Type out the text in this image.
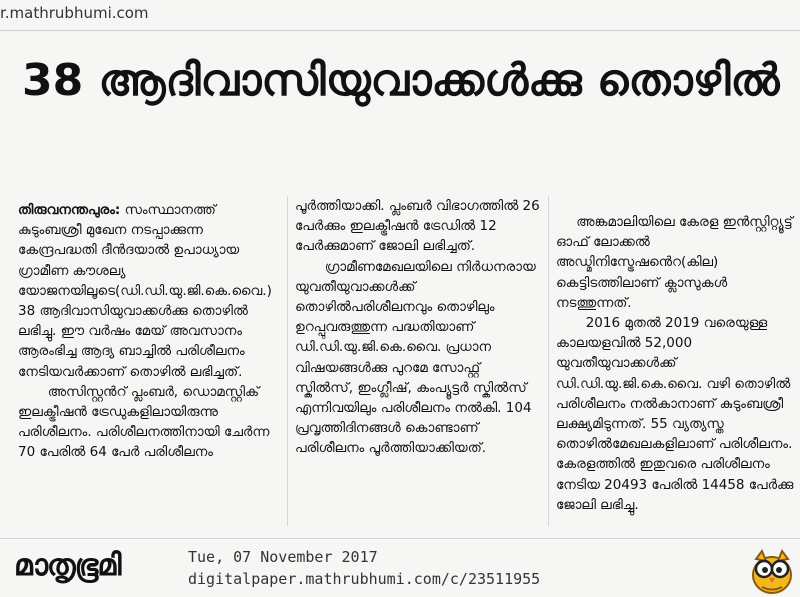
r.mathrubhumi.com
38 ആദിവാസിയുവാക്കൾക്കു തൊഴിൽ

തിരുവനന്തപുരം: സംസ്ഥാനത്ത് കുടുംബശ്രീ മുഖേന നടപ്പാക്കുന്ന കേന്ദ്രപദ്ധതി ദീൻദയാൽ ഉപാധ്യായ ഗ്രാമീണ കൗശല്യ യോജനയിലൂടെ(ഡി.ഡി.യു.ജി.കെ.വൈ.) 38 ആദിവാസിയുവാക്കൾക്കു തൊഴിൽ ലഭിച്ചു. ഈ വർഷം മേയ് അവസാനം ആരംഭിച്ച ആദ്യ ബാച്ചിൽ പരിശീലനം നേടിയവർക്കാണ് തൊഴിൽ ലഭിച്ചത്.

അസിസ്റ്റൻറ് പ്ലംബർ, ഡൊമസ്റ്റിക് ഇലക്ട്രീഷൻ ട്രേഡുകളിലായിരുന്നു പരിശീലനം. പരിശീലനത്തിനായി ചേർന്ന 70 പേരിൽ 64 പേർ പരിശീലനം

പൂർത്തിയാക്കി. പ്ലംബർ വിഭാഗത്തിൽ 26 പേർക്കും ഇലക്ട്രീഷൻ ട്രേഡിൽ 12 പേർക്കുമാണ് ജോലി ലഭിച്ചത്.

ഗ്രാമീണമേഖലയിലെ നിർധനരായ യുവതീയുവാക്കൾക്ക് തൊഴിൽപരിശീലനവും തൊഴിലും ഉറപ്പുവരുത്തുന്ന പദ്ധതിയാണ് ഡി.ഡി.യു.ജി.കെ.വൈ. പ്രധാന വിഷയങ്ങൾക്കു പുറമേ സോഫ്റ്റ് സ്കിൽസ്, ഇംഗ്ലീഷ്, കംപ്യൂട്ടർ സ്കിൽസ് എന്നിവയിലും പരിശീലനം നൽകി. 104 പ്രവൃത്തിദിനങ്ങൾ കൊണ്ടാണ് പരിശീലനം പൂർത്തിയാക്കിയത്.

അങ്കമാലിയിലെ കേരള ഇൻസ്റ്റിറ്റ്യൂട്ട് ഓഫ് ലോക്കൽ അഡ്മിനിസ്ട്രേഷൻെറ(കില) കെട്ടിടത്തിലാണ് ക്ലാസുകൾ നടത്തുന്നത്.

2016 മുതൽ 2019 വരെയുള്ള കാലയളവിൽ 52,000 യുവതീയുവാക്കൾക്ക് ഡി.ഡി.യു.ജി.കെ.വൈ. വഴി തൊഴിൽ പരിശീലനം നൽകാനാണ് കുടുംബശ്രീ ലക്ഷ്യമിടുന്നത്. 55 വ്യത്യസ്ത തൊഴിൽമേഖലകളിലാണ് പരിശീലനം. കേരളത്തിൽ ഇതുവരെ പരിശീലനം നേടിയ 20493 പേരിൽ 14458 പേർക്കു ജോലി ലഭിച്ചു.

മാതൃഭൂമി	Tue, 07 November 2017
digitalpaper.mathrubhumi.com/c/23511955
